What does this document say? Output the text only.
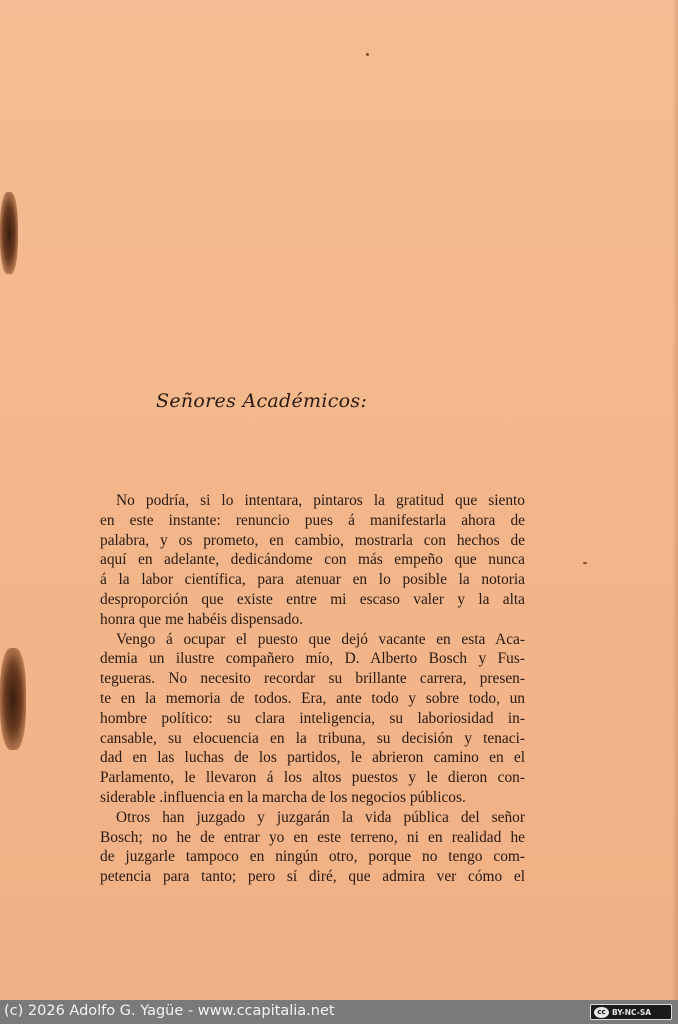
Señores Académicos:
No podría, si lo intentara, pintaros la gratitud que siento
en este instante: renuncio pues á manifestarla ahora de
palabra, y os prometo, en cambio, mostrarla con hechos de
aquí en adelante, dedicándome con más empeño que nunca
á la labor científica, para atenuar en lo posible la notoria
desproporción que existe entre mi escaso valer y la alta
honra que me habéis dispensado.
Vengo á ocupar el puesto que dejó vacante en esta Aca-
demia un ilustre compañero mío, D. Alberto Bosch y Fus-
tegueras. No necesito recordar su brillante carrera, presen-
te en la memoria de todos. Era, ante todo y sobre todo, un
hombre político: su clara inteligencia, su laboriosidad in-
cansable, su elocuencia en la tribuna, su decisión y tenaci-
dad en las luchas de los partidos, le abrieron camino en el
Parlamento, le llevaron á los altos puestos y le dieron con-
siderable .influencia en la marcha de los negocios públicos.
Otros han juzgado y juzgarán la vida pública del señor
Bosch; no he de entrar yo en este terreno, ni en realidad he
de juzgarle tampoco en ningún otro, porque no tengo com-
petencia para tanto; pero sí diré, que admira ver cómo el
(c) 2026 Adolfo G. Yagüe - www.ccapitalia.net	cc BY-NC-SA
